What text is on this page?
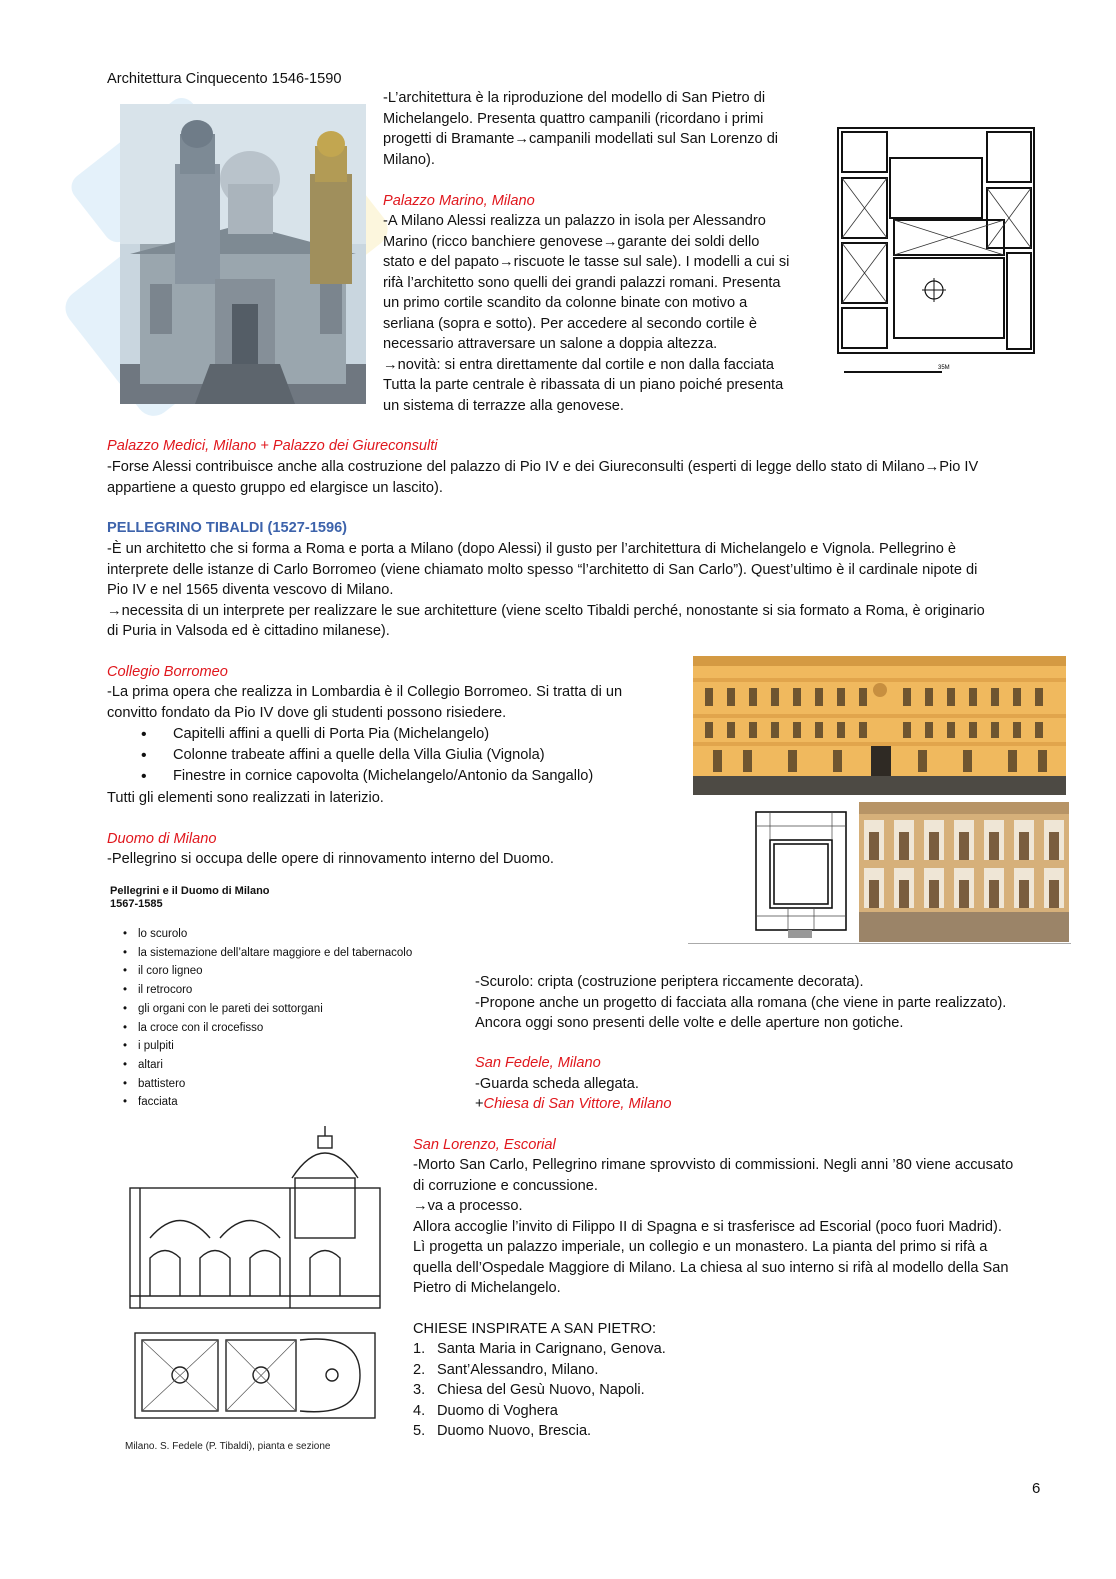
Architettura Cinquecento 1546-1590
-L’architettura è la riproduzione del modello di San Pietro di
Michelangelo. Presenta quattro campanili (ricordano i primi
progetti di Bramante→campanili modellati sul San Lorenzo di
Milano).
Palazzo Marino, Milano
-A Milano Alessi realizza un palazzo in isola per Alessandro
Marino (ricco banchiere genovese→garante dei soldi dello
stato e del papato→riscuote le tasse sul sale). I modelli a cui si
rifà l’architetto sono quelli dei grandi palazzi romani. Presenta
un primo cortile scandito da colonne binate con motivo a
serliana (sopra e sotto). Per accedere al secondo cortile è
necessario attraversare un salone a doppia altezza.
→novità: si entra direttamente dal cortile e non dalla facciata
Tutta la parte centrale è ribassata di un piano poiché presenta
un sistema di terrazze alla genovese.
35M
Palazzo Medici, Milano + Palazzo dei Giureconsulti
-Forse Alessi contribuisce anche alla costruzione del palazzo di Pio IV e dei Giureconsulti (esperti di legge dello stato di Milano→Pio IV
appartiene a questo gruppo ed elargisce un lascito).
PELLEGRINO TIBALDI (1527-1596)
-È un architetto che si forma a Roma e porta a Milano (dopo Alessi) il gusto per l’architettura di Michelangelo e Vignola. Pellegrino è
interprete delle istanze di Carlo Borromeo (viene chiamato molto spesso “l’architetto di San Carlo”). Quest’ultimo è il cardinale nipote di
Pio IV e nel 1565 diventa vescovo di Milano.
→necessita di un interprete per realizzare le sue architetture (viene scelto Tibaldi perché, nonostante si sia formato a Roma, è originario
di Puria in Valsoda ed è cittadino milanese).
Collegio Borromeo
-La prima opera che realizza in Lombardia è il Collegio Borromeo. Si tratta di un
convitto fondato da Pio IV dove gli studenti possono risiedere.
• Capitelli affini a quelli di Porta Pia (Michelangelo)
• Colonne trabeate affini a quelle della Villa Giulia (Vignola)
• Finestre in cornice capovolta (Michelangelo/Antonio da Sangallo)
Tutti gli elementi sono realizzati in laterizio.
Duomo di Milano
-Pellegrino si occupa delle opere di rinnovamento interno del Duomo.
Pellegrini e il Duomo di Milano
1567-1585
• lo scurolo
• la sistemazione dell’altare maggiore e del tabernacolo
• il coro ligneo
• il retrocoro
• gli organi con le pareti dei sottorgani
• la croce con il crocefisso
• i pulpiti
• altari
• battistero
• facciata
-Scurolo: cripta (costruzione periptera riccamente decorata).
-Propone anche un progetto di facciata alla romana (che viene in parte realizzato).
Ancora oggi sono presenti delle volte e delle aperture non gotiche.
San Fedele, Milano
-Guarda scheda allegata.
+Chiesa di San Vittore, Milano
Milano. S. Fedele (P. Tibaldi), pianta e sezione
San Lorenzo, Escorial
-Morto San Carlo, Pellegrino rimane sprovvisto di commissioni. Negli anni ’80 viene accusato
di corruzione e concussione.
→va a processo.
Allora accoglie l’invito di Filippo II di Spagna e si trasferisce ad Escorial (poco fuori Madrid).
Lì progetta un palazzo imperiale, un collegio e un monastero. La pianta del primo si rifà a
quella dell’Ospedale Maggiore di Milano. La chiesa al suo interno si rifà al modello della San
Pietro di Michelangelo.
CHIESE INSPIRATE A SAN PIETRO:
1. Santa Maria in Carignano, Genova.
2. Sant’Alessandro, Milano.
3. Chiesa del Gesù Nuovo, Napoli.
4. Duomo di Voghera
5. Duomo Nuovo, Brescia.
6
